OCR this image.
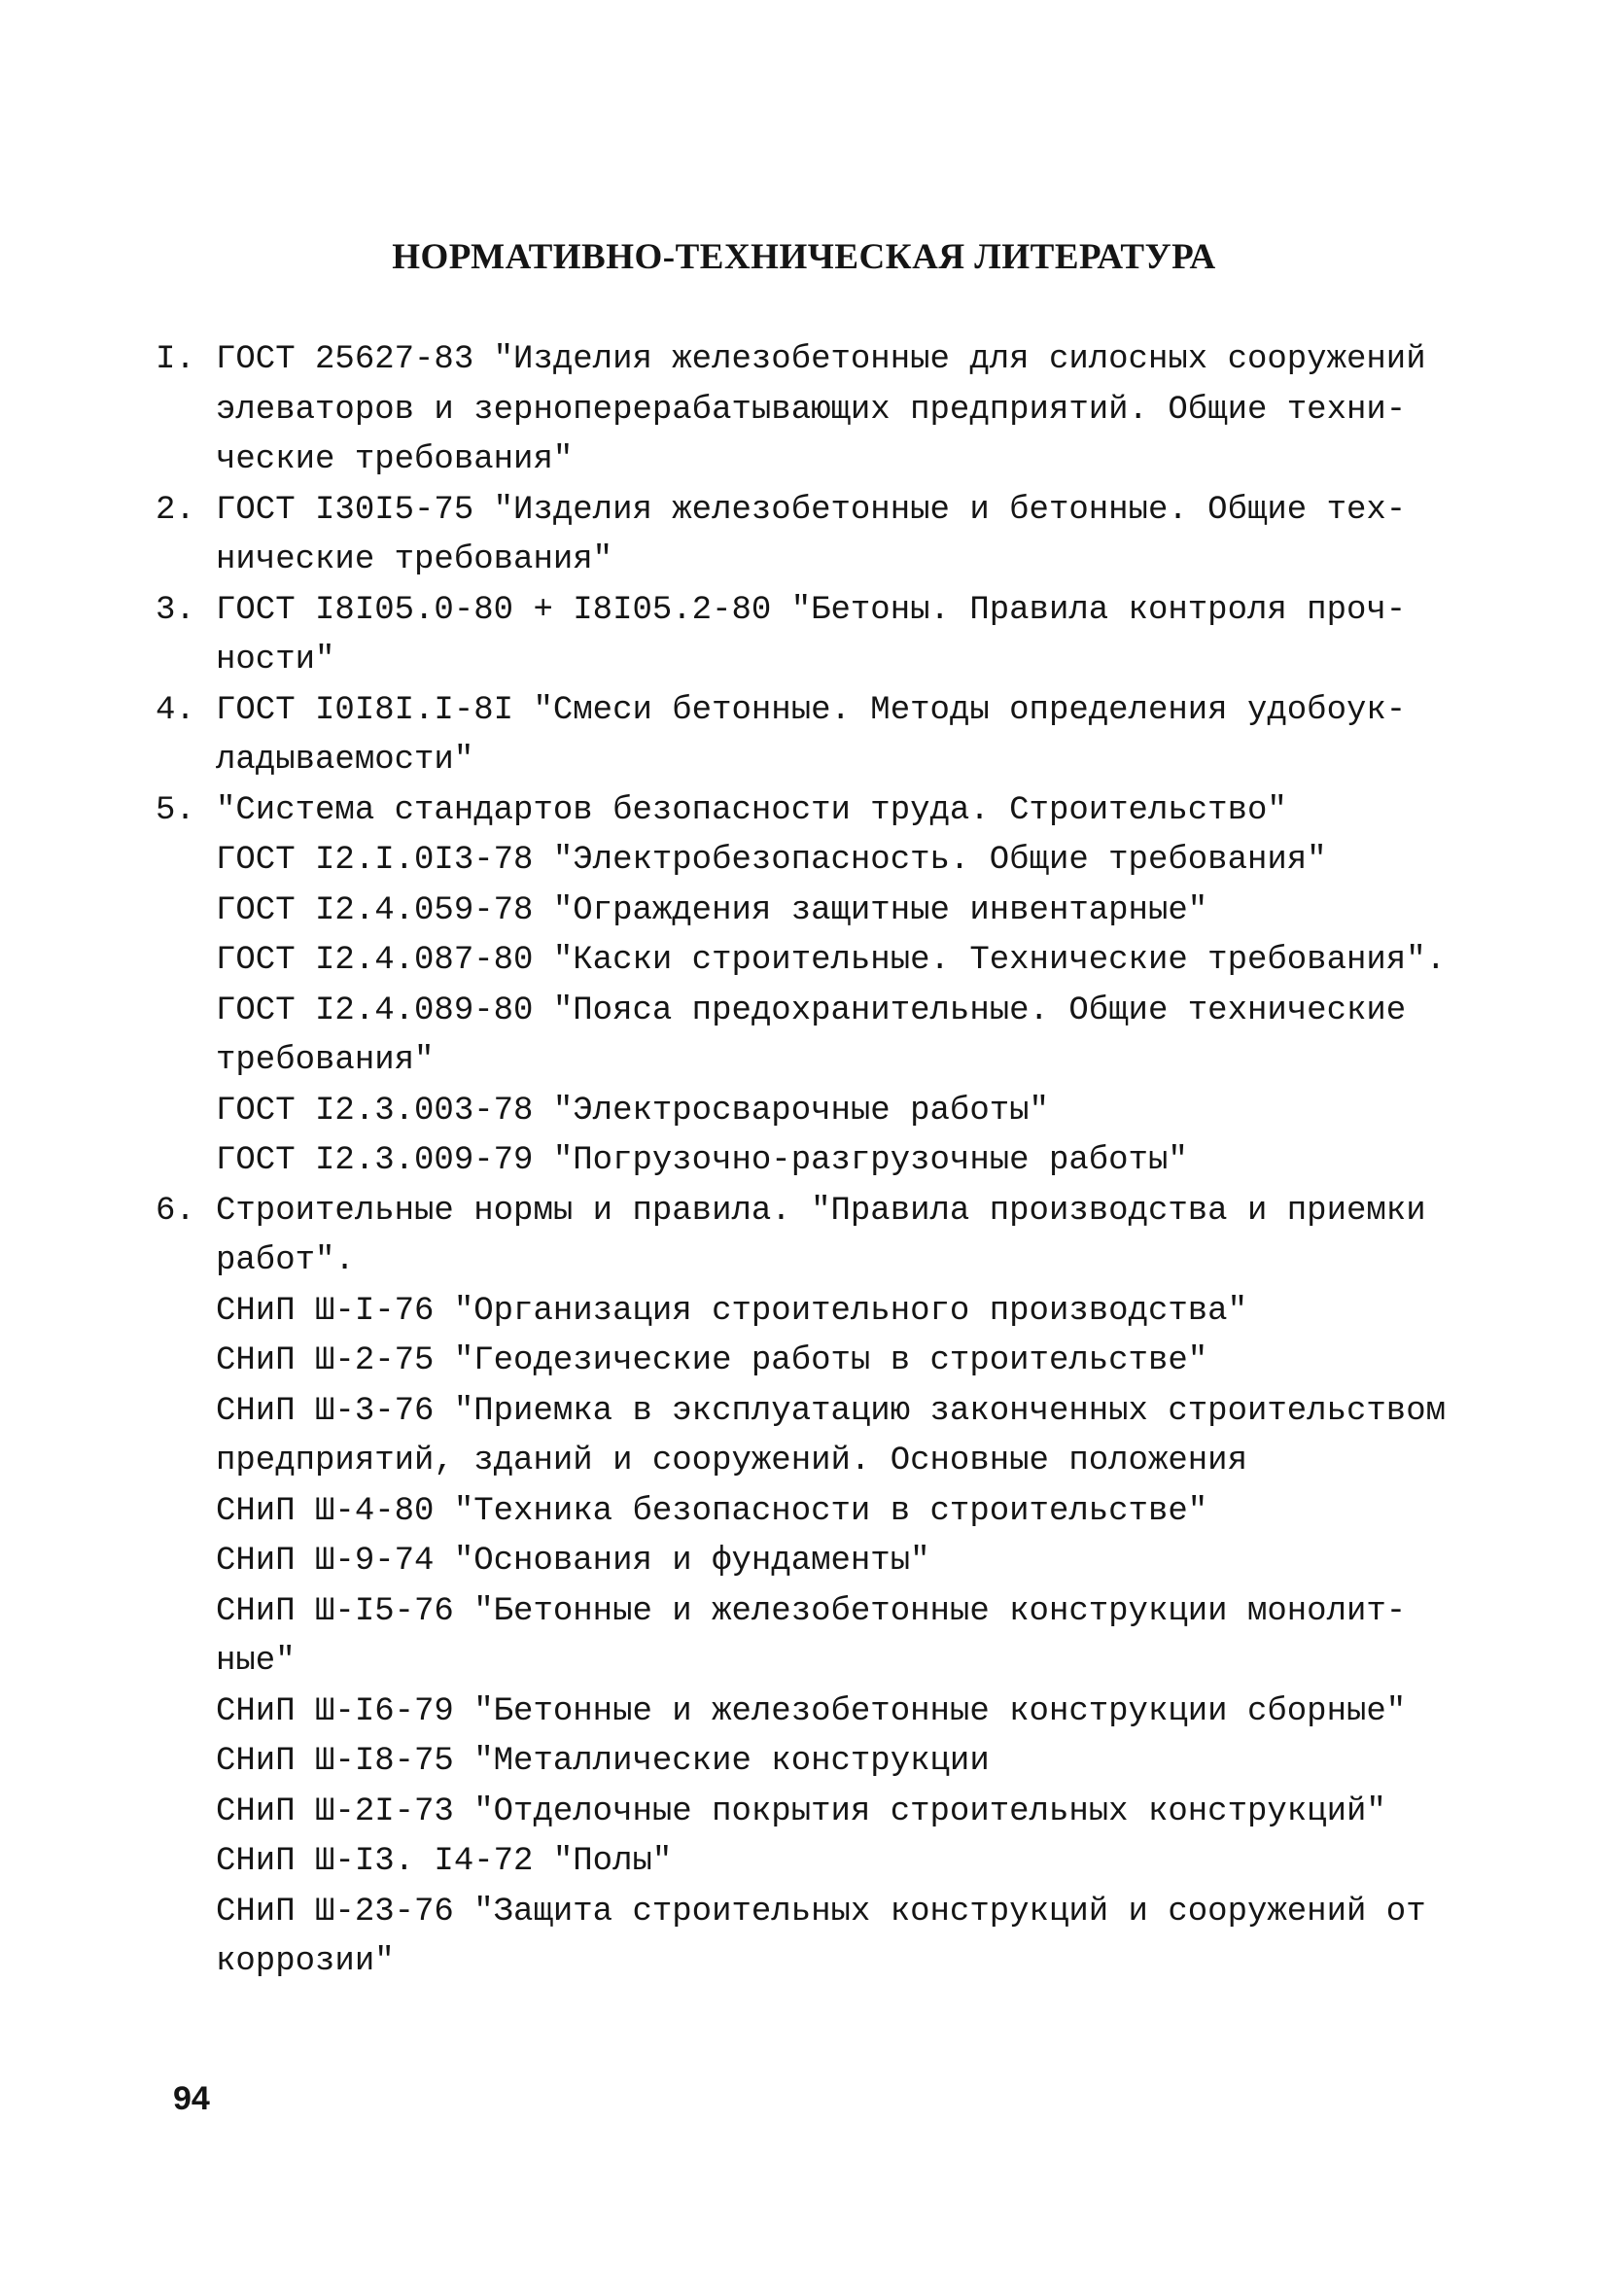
НОРМАТИВНО-ТЕХНИЧЕСКАЯ ЛИТЕРАТУРА
I. ГОСТ 25627-83 "Изделия железобетонные для силосных сооружений
элеваторов и зерноперерабатывающих предприятий. Общие техни-
ческие требования"
2. ГОСТ I30I5-75 "Изделия железобетонные и бетонные. Общие тех-
нические требования"
3. ГОСТ I8I05.0-80 + I8I05.2-80 "Бетоны. Правила контроля проч-
ности"
4. ГОСТ I0I8I.I-8I "Смеси бетонные. Методы определения удобоук-
ладываемости"
5. "Система стандартов безопасности труда. Строительство"
ГОСТ I2.I.0I3-78 "Электробезопасность. Общие требования"
ГОСТ I2.4.059-78 "Ограждения защитные инвентарные"
ГОСТ I2.4.087-80 "Каски строительные. Технические требования".
ГОСТ I2.4.089-80 "Пояса предохранительные. Общие технические
требования"
ГОСТ I2.3.003-78 "Электросварочные работы"
ГОСТ I2.3.009-79 "Погрузочно-разгрузочные работы"
6. Строительные нормы и правила. "Правила производства и приемки
работ".
СНиП Ш-I-76 "Организация строительного производства"
СНиП Ш-2-75 "Геодезические работы в строительстве"
СНиП Ш-3-76 "Приемка в эксплуатацию законченных строительством
предприятий, зданий и сооружений. Основные положения
СНиП Ш-4-80 "Техника безопасности в строительстве"
СНиП Ш-9-74 "Основания и фундаменты"
СНиП Ш-I5-76 "Бетонные и железобетонные конструкции монолит-
ные"
СНиП Ш-I6-79 "Бетонные и железобетонные конструкции сборные"
СНиП Ш-I8-75 "Металлические конструкции
СНиП Ш-2I-73 "Отделочные покрытия строительных конструкций"
СНиП Ш-I3. I4-72 "Полы"
СНиП Ш-23-76 "Защита строительных конструкций и сооружений от
коррозии"
94
